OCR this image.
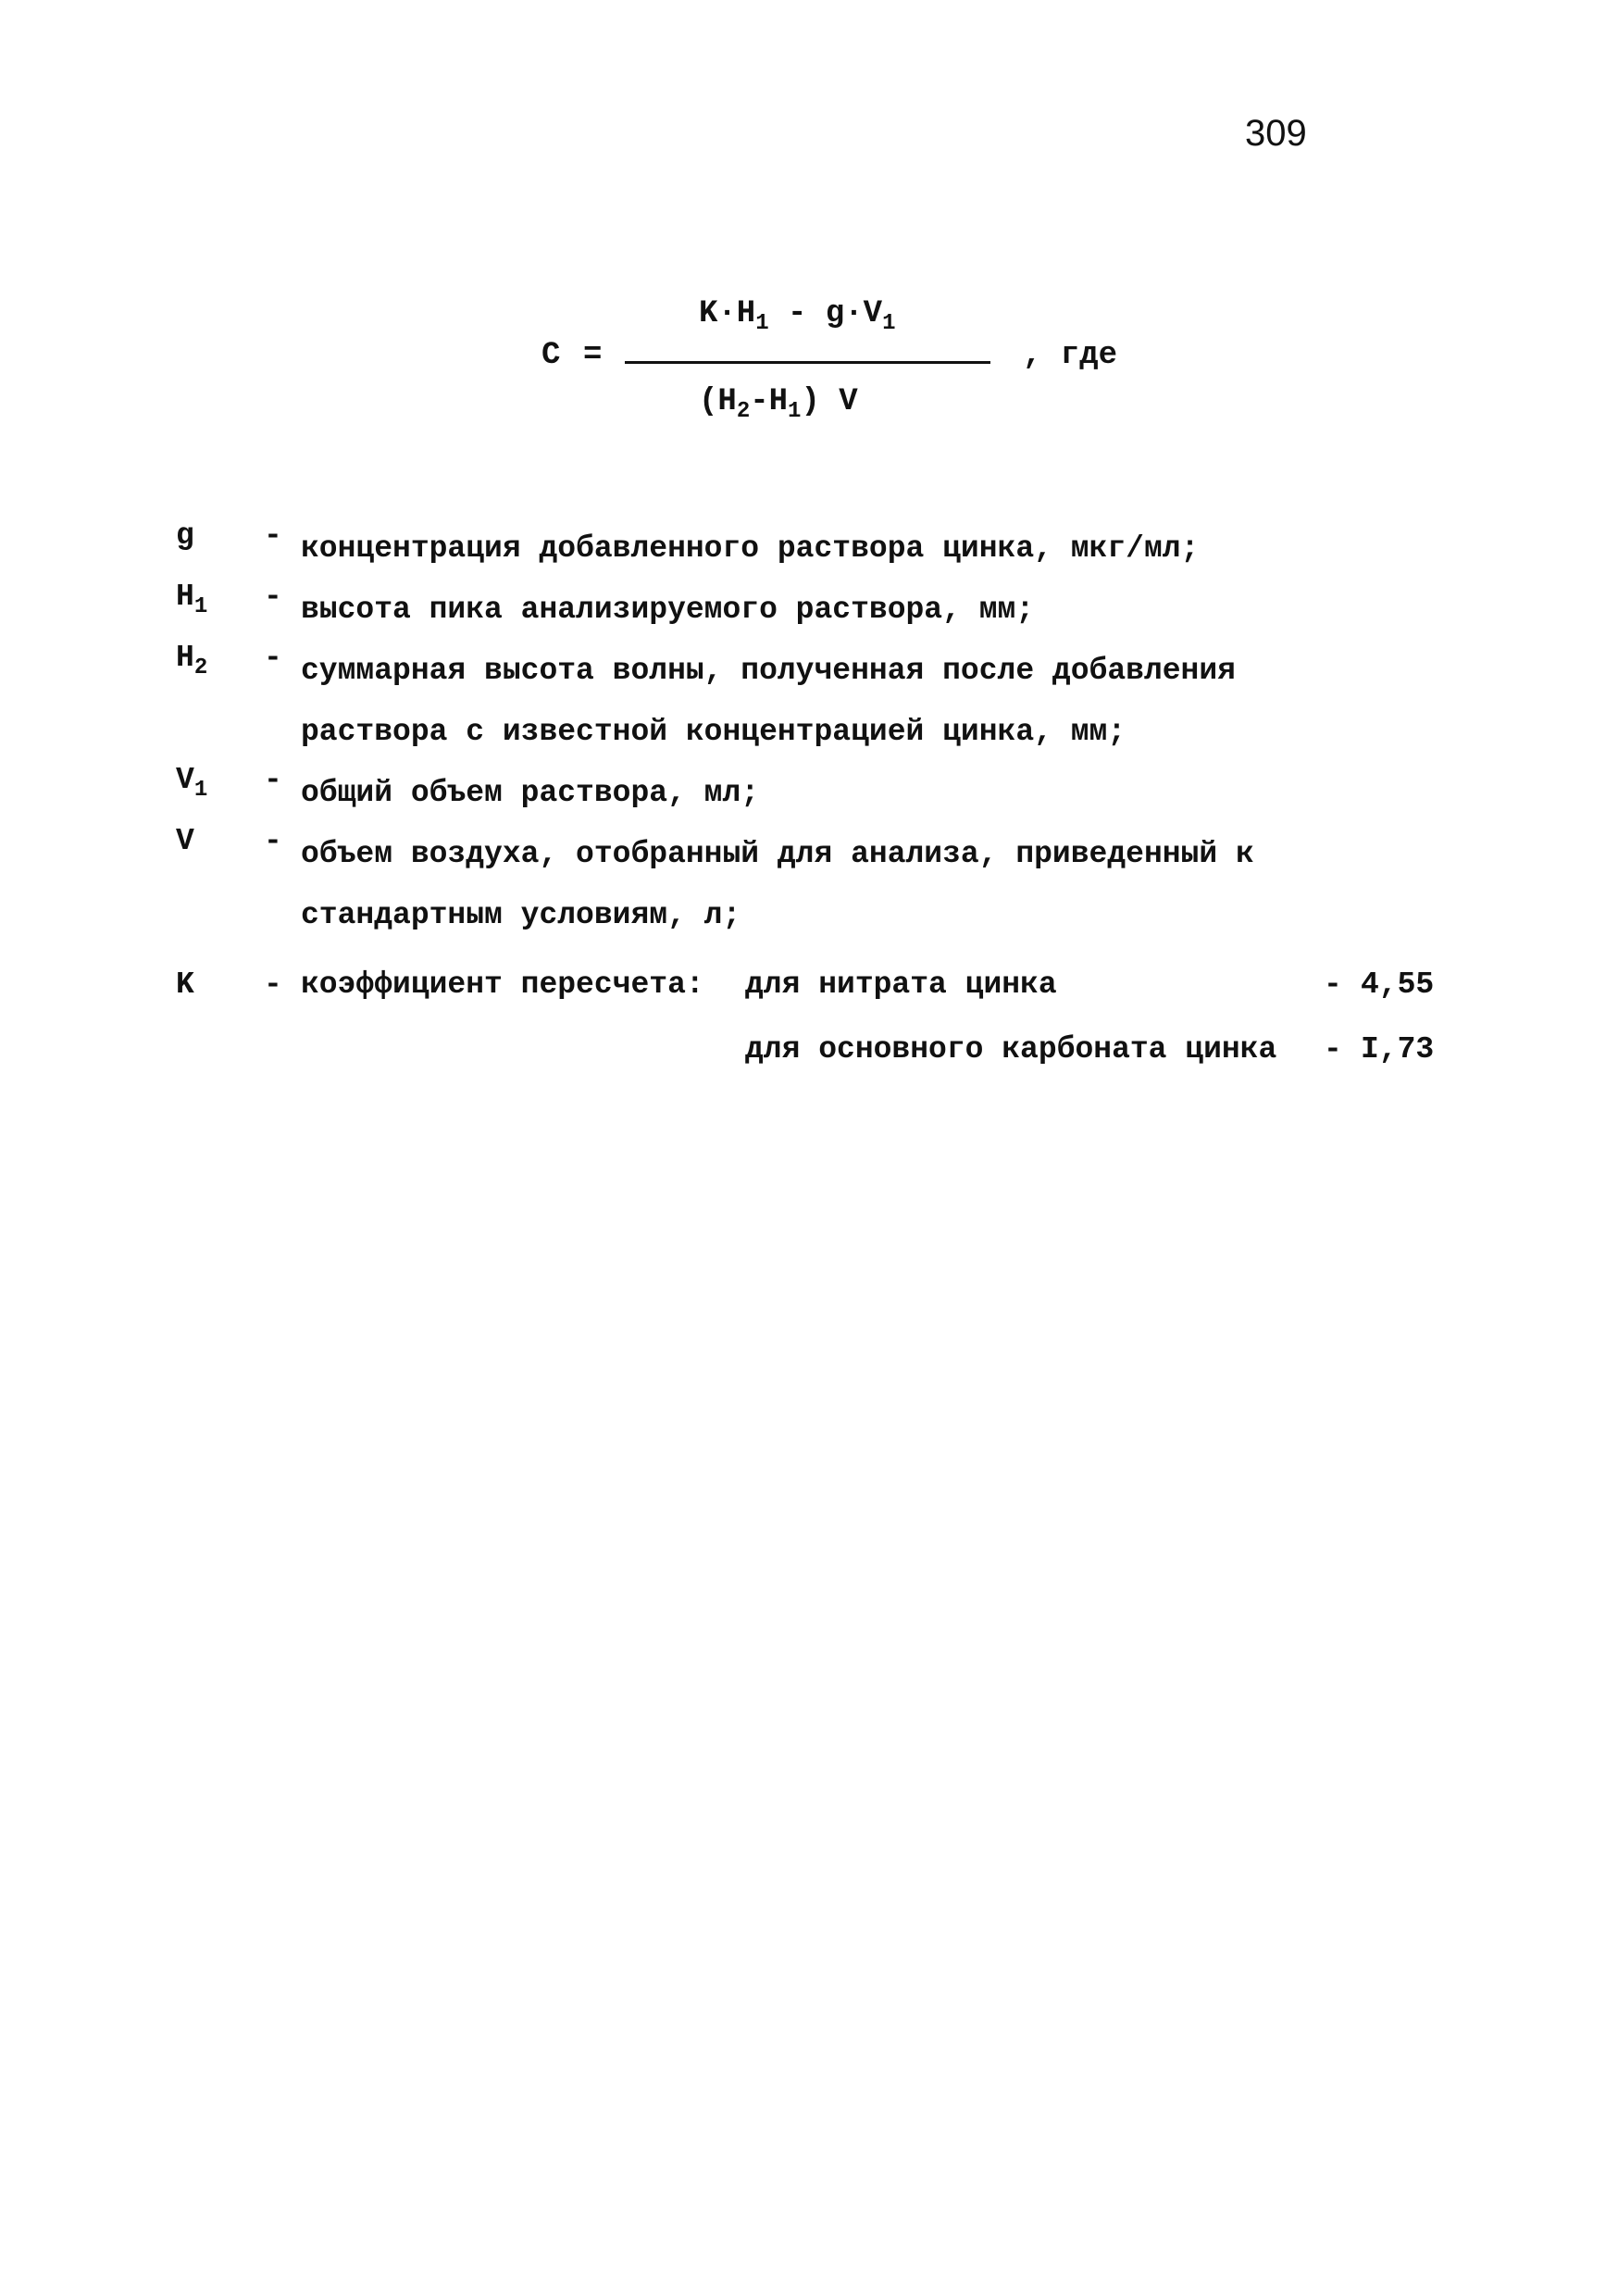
309
C =
$K\cdot H_1 - g\cdot V_1$
$(H_2-H_1)$ V
, где
g	- концентрация добавленного раствора цинка, мкг/мл;
$H_1$	- высота пика анализируемого раствора, мм;
$H_2$	- суммарная высота волны, полученная после добавления
раствора с известной концентрацией цинка, мм;
$V_1$	- общий объем раствора, мл;
V	- объем воздуха, отобранный для анализа, приведенный к
стандартным условиям, л;
K - коэффициент пересчета: для нитрата цинка	- 4,55
для основного карбоната цинка - I,73
